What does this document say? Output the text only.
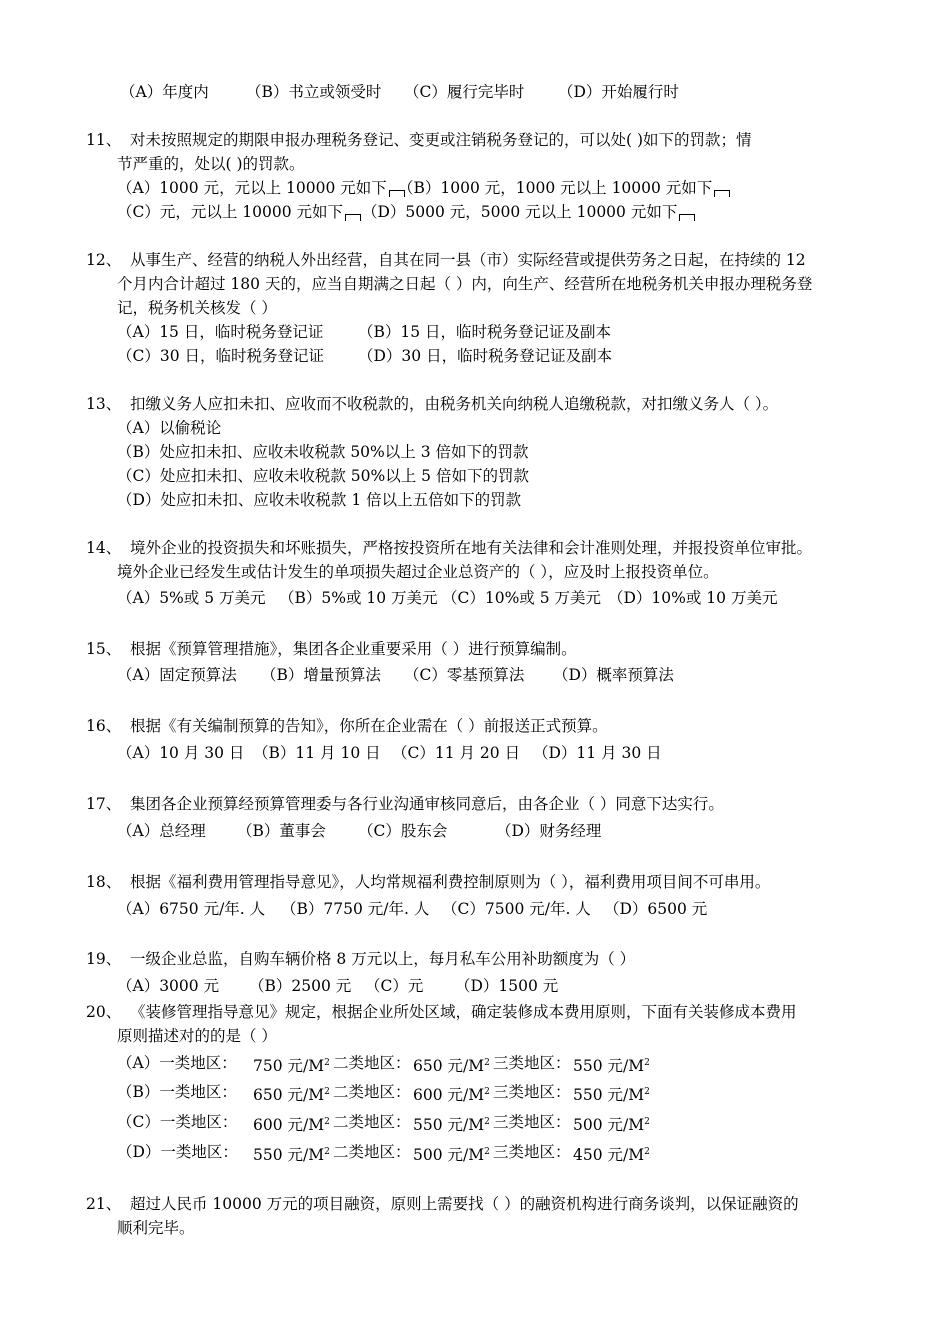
（A）年度内 （B）书立或领受时 （C）履行完毕时 （D）开始履行时
11、 对未按照规定的期限申报办理税务登记、变更或注销税务登记的，可以处( )如下的罚款；情
节严重的，处以( )的罚款。
（A）1000 元，元以上 10000 元如下 （B）1000 元，1000 元以上 10000 元如下
（C）元，元以上 10000 元如下	（D）5000 元，5000 元以上 10000 元如下
12、 从事生产、经营的纳税人外出经营，自其在同一县（市）实际经营或提供劳务之日起，在持续的 12
个月内合计超过 180 天的，应当自期满之日起（ ）内，向生产、经营所在地税务机关申报办理税务登
记，税务机关核发（ ）
（A）15 日，临时税务登记证 （B）15 日，临时税务登记证及副本
（C）30 日，临时税务登记证 （D）30 日，临时税务登记证及副本
13、 扣缴义务人应扣未扣、应收而不收税款的，由税务机关向纳税人追缴税款，对扣缴义务人（ ）。
（A）以偷税论
（B）处应扣未扣、应收未收税款 50%以上 3 倍如下的罚款
（C）处应扣未扣、应收未收税款 50%以上 5 倍如下的罚款
（D）处应扣未扣、应收未收税款 1 倍以上五倍如下的罚款
14、 境外企业的投资损失和坏账损失，严格按投资所在地有关法律和会计准则处理，并报投资单位审批。
境外企业已经发生或估计发生的单项损失超过企业总资产的（ ），应及时上报投资单位。
（A）5%或 5 万美元 （B）5%或 10 万美元 （C）10%或 5 万美元 （D）10%或 10 万美元
15、 根据《预算管理措施》，集团各企业重要采用（ ）进行预算编制。
（A）固定预算法 （B）增量预算法 （C）零基预算法 （D）概率预算法
16、 根据《有关编制预算的告知》，你所在企业需在（ ）前报送正式预算。
（A）10 月 30 日 （B）11 月 10 日 （C）11 月 20 日 （D）11 月 30 日
17、 集团各企业预算经预算管理委与各行业沟通审核同意后，由各企业（ ）同意下达实行。
（A）总经理 （B）董事会 （C）股东会	（D）财务经理
18、 根据《福利费用管理指导意见》，人均常规福利费控制原则为（ ），福利费用项目间不可串用。
（A）6750 元/年. 人 （B）7750 元/年. 人 （C）7500 元/年. 人 （D）6500 元
19、 一级企业总监，自购车辆价格 8 万元以上，每月私车公用补助额度为（ ）
（A）3000 元 （B）2500 元 （C）元 （D）1500 元
20、 《装修管理指导意见》规定，根据企业所处区域，确定装修成本费用原则，下面有关装修成本费用
原则描述对的的是（ ）
（A）一类地区： 750 元$/M^2$ 二类地区： 650 元$/M^2$ 三类地区： 550 元$/M^2$
（B）一类地区： 650 元$/M^2$ 二类地区： 600 元$/M^2$ 三类地区： 550 元$/M^2$
（C）一类地区： 600 元$/M^2$ 二类地区： 550 元$/M^2$ 三类地区： 500 元$/M^2$
（D）一类地区： 550 元$/M^2$ 二类地区： 500 元$/M^2$ 三类地区： 450 元$/M^2$
21、 超过人民币 10000 万元的项目融资，原则上需要找（ ）的融资机构进行商务谈判，以保证融资的
顺利完毕。
